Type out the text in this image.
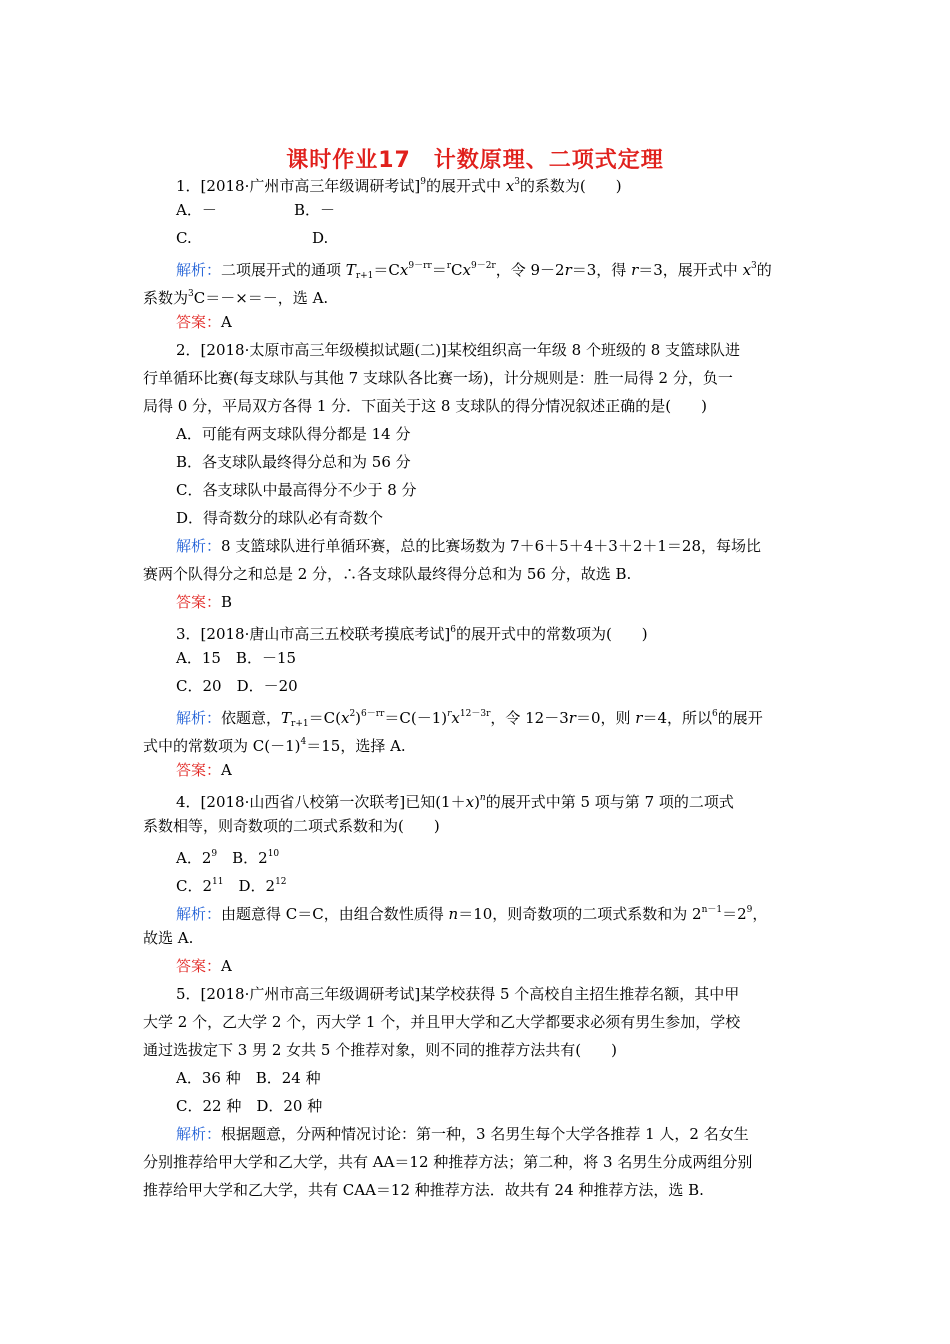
课时作业17　计数原理、二项式定理
1．[2018·广州市高三年级调研考试]$^9$的展开式中 $x^3$的系数为(　　)
A．－	B．－
C.	D.
解析：二项展开式的通项 $T_{r+1}=Cx^{9-rr}=^rCx^{9-2r}$，令 9－2r＝3，得 r＝3，展开式中 $x^3$的
系数为$^3$C＝－×＝－，选 A.
答案：A
2．[2018·太原市高三年级模拟试题(二)]某校组织高一年级 8 个班级的 8 支篮球队进
行单循环比赛(每支球队与其他 7 支球队各比赛一场)，计分规则是：胜一局得 2 分，负一
局得 0 分，平局双方各得 1 分．下面关于这 8 支球队的得分情况叙述正确的是(　　)
A．可能有两支球队得分都是 14 分
B．各支球队最终得分总和为 56 分
C．各支球队中最高得分不少于 8 分
D．得奇数分的球队必有奇数个
解析：8 支篮球队进行单循环赛，总的比赛场数为 7＋6＋5＋4＋3＋2＋1＝28，每场比
赛两个队得分之和总是 2 分，∴各支球队最终得分总和为 56 分，故选 B.
答案：B
3．[2018·唐山市高三五校联考摸底考试]$^6$的展开式中的常数项为(　　)
A．15　B．－15
C．20　D．－20
解析：依题意，$T_{r+1}=C(x^2)^{6-rr}=C(-1)^rx^{12-3r}$，令 12－3r＝0，则 r＝4，所以$^6$的展开
式中的常数项为 $C(-1)^4=15$，选择 A.
答案：A
4．[2018·山西省八校第一次联考]已知$(1+x)^n$的展开式中第 5 项与第 7 项的二项式
系数相等，则奇数项的二项式系数和为(　　)
A．$2^9$　B．$2^{10}$
C．$2^{11}$　D．$2^{12}$
解析：由题意得 C＝C，由组合数性质得 n＝10，则奇数项的二项式系数和为 $2^{n-1}=2^9$，
故选 A.
答案：A
5．[2018·广州市高三年级调研考试]某学校获得 5 个高校自主招生推荐名额，其中甲
大学 2 个，乙大学 2 个，丙大学 1 个，并且甲大学和乙大学都要求必须有男生参加，学校
通过选拔定下 3 男 2 女共 5 个推荐对象，则不同的推荐方法共有(　　)
A．36 种　B．24 种
C．22 种　D．20 种
解析：根据题意，分两种情况讨论：第一种，3 名男生每个大学各推荐 1 人，2 名女生
分别推荐给甲大学和乙大学，共有 AA＝12 种推荐方法；第二种，将 3 名男生分成两组分别
推荐给甲大学和乙大学，共有 CAA＝12 种推荐方法．故共有 24 种推荐方法，选 B.
